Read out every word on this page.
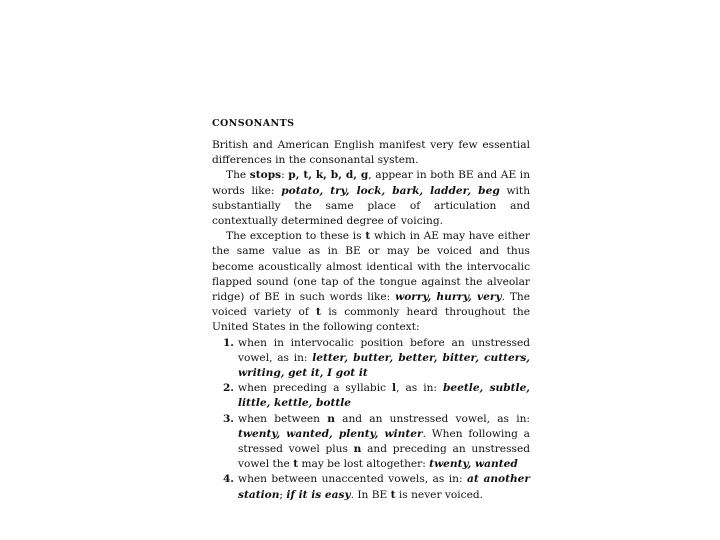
CONSONANTS

British and American English manifest very few essential differences in the consonantal system.

The stops: p, t, k, b, d, g, appear in both BE and AE in words like: potato, try, lock, bark, ladder, beg with substantially the same place of articulation and contextually determined degree of voicing.

The exception to these is t which in AE may have either the same value as in BE or may be voiced and thus become acoustically almost identical with the intervocalic flapped sound (one tap of the tongue against the alveolar ridge) of BE in such words like: worry, hurry, very. The voiced variety of t is commonly heard throughout the United States in the following context:

1. when in intervocalic position before an unstressed vowel, as in: letter, butter, better, bitter, cutters, writing, get it, I got it
2. when preceding a syllabic l, as in: beetle, subtle, little, kettle, bottle
3. when between n and an unstressed vowel, as in: twenty, wanted, plenty, winter. When following a stressed vowel plus n and preceding an unstressed vowel the t may be lost altogether: twenty, wanted
4. when between unaccented vowels, as in: at another station; if it is easy. In BE t is never voiced.
